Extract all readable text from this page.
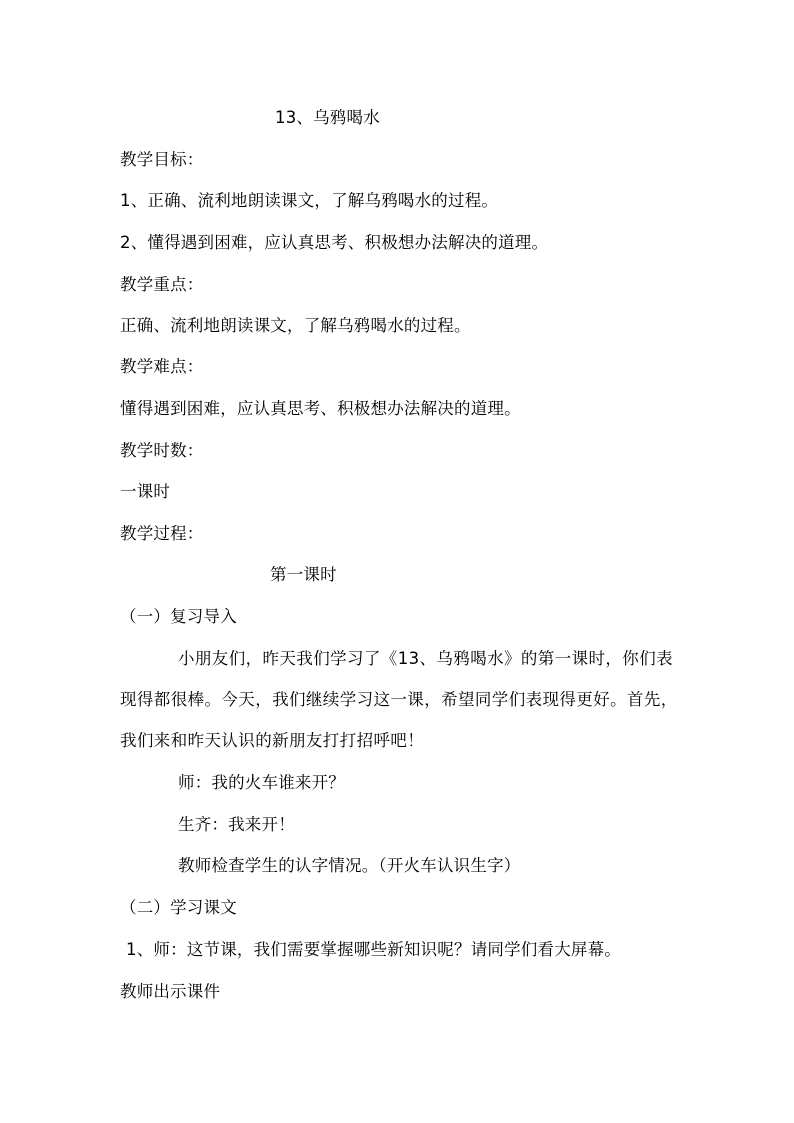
13、乌鸦喝水
教学目标：
1、正确、流利地朗读课文，了解乌鸦喝水的过程。
2、懂得遇到困难，应认真思考、积极想办法解决的道理。
教学重点：
正确、流利地朗读课文，了解乌鸦喝水的过程。
教学难点：
懂得遇到困难，应认真思考、积极想办法解决的道理。
教学时数：
一课时
教学过程：
第一课时
（一）复习导入
小朋友们，昨天我们学习了《13、乌鸦喝水》的第一课时，你们表现得都很棒。今天，我们继续学习这一课，希望同学们表现得更好。首先，我们来和昨天认识的新朋友打打招呼吧！
师：我的火车谁来开？
生齐：我来开！
教师检查学生的认字情况。（开火车认识生字）
（二）学习课文
1、师：这节课，我们需要掌握哪些新知识呢？请同学们看大屏幕。
教师出示课件
